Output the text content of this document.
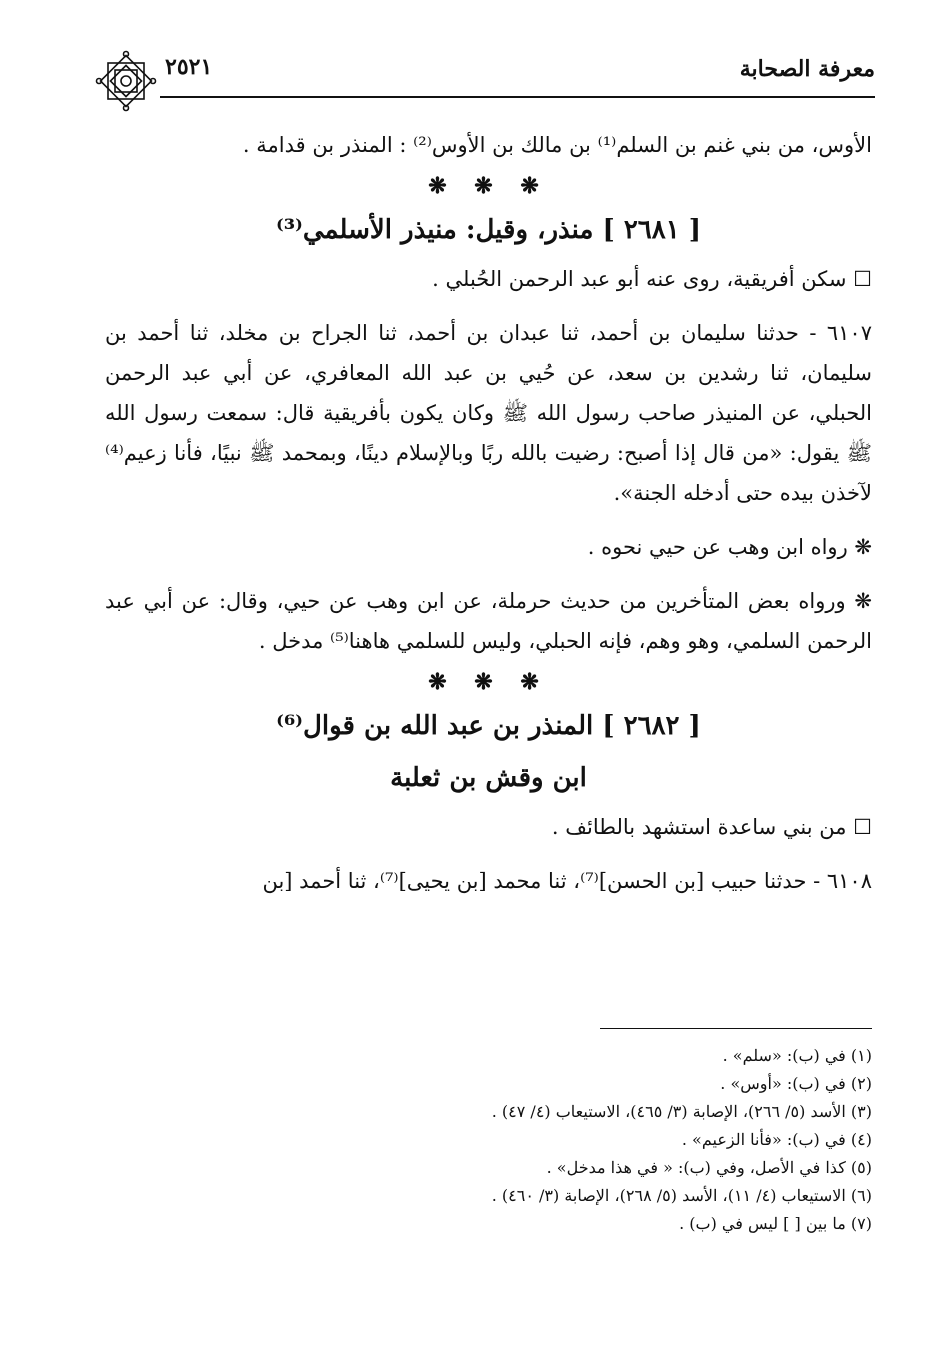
معرفة الصحابة
٢٥٢١

الأوس، من بني غنم بن السلم⁽¹⁾ بن مالك بن الأوس⁽²⁾ : المنذر بن قدامة .

❋ ❋ ❋
[ ٢٦٨١ ] منذر، وقيل: منيذر الأسلمي⁽³⁾

☐ سكن أفريقية، روى عنه أبو عبد الرحمن الحُبلي .

٦١٠٧ - حدثنا سليمان بن أحمد، ثنا عبدان بن أحمد، ثنا الجراح بن مخلد، ثنا أحمد بن سليمان، ثنا رشدين بن سعد، عن حُيي بن عبد الله المعافري، عن أبي عبد الرحمن الحبلي، عن المنيذر صاحب رسول الله ﷺ وكان يكون بأفريقية قال: سمعت رسول الله ﷺ يقول: «من قال إذا أصبح: رضيت بالله ربًا وبالإسلام دينًا، وبمحمد ﷺ نبيًا، فأنا زعيم⁽⁴⁾ لآخذن بيده حتى أدخله الجنة».

❋ رواه ابن وهب عن حيي نحوه .

❋ ورواه بعض المتأخرين من حديث حرملة، عن ابن وهب عن حيي، وقال: عن أبي عبد الرحمن السلمي، وهو وهم، فإنه الحبلي، وليس للسلمي هاهنا⁽⁵⁾ مدخل .

❋ ❋ ❋
[ ٢٦٨٢ ] المنذر بن عبد الله بن قوال⁽⁶⁾
ابن وقش بن ثعلبة

☐ من بني ساعدة استشهد بالطائف .

٦١٠٨ - حدثنا حبيب [بن الحسن]⁽⁷⁾، ثنا محمد [بن يحيى]⁽⁷⁾، ثنا أحمد [بن

(١) في (ب): «سلم» .

(٢) في (ب): «أوس» .

(٣) الأسد (٥/ ٢٦٦)، الإصابة (٣/ ٤٦٥)، الاستيعاب (٤/ ٤٧) .

(٤) في (ب): «فأنا الزعيم» .

(٥) كذا في الأصل، وفي (ب): « في هذا مدخل» .

(٦) الاستيعاب (٤/ ١١)، الأسد (٥/ ٢٦٨)، الإصابة (٣/ ٤٦٠) .

(٧) ما بين [ ] ليس في (ب) .
